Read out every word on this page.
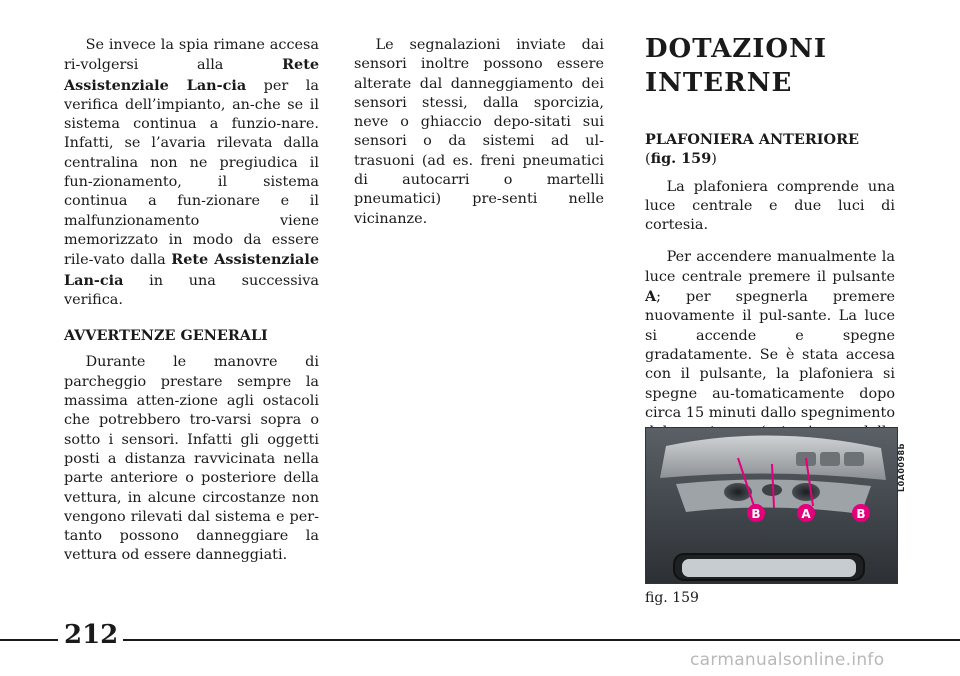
Se invece la spia rimane accesa ri-volgersi alla Rete Assistenziale Lan-cia per la verifica dell’impianto, an-che se il sistema continua a funzio-nare. Infatti, se l’avaria rilevata dalla centralina non ne pregiudica il fun-zionamento, il sistema continua a fun-zionare e il malfunzionamento viene memorizzato in modo da essere rile-vato dalla Rete Assistenziale Lan-cia in una successiva verifica.

AVVERTENZE GENERALI

Durante le manovre di parcheggio prestare sempre la massima atten-zione agli ostacoli che potrebbero tro-varsi sopra o sotto i sensori. Infatti gli oggetti posti a distanza ravvicinata nella parte anteriore o posteriore della vettura, in alcune circostanze non vengono rilevati dal sistema e per-tanto possono danneggiare la vettura od essere danneggiati.

Le segnalazioni inviate dai sensori inoltre possono essere alterate dal danneggiamento dei sensori stessi, dalla sporcizia, neve o ghiaccio depo-sitati sui sensori o da sistemi ad ul-trasuoni (ad es. freni pneumatici di autocarri o martelli pneumatici) pre-senti nelle vicinanze.

DOTAZIONI
INTERNE
PLAFONIERA ANTERIORE
(fig. 159)

La plafoniera comprende una luce centrale e due luci di cortesia.

Per accendere manualmente la luce centrale premere il pulsante A; per spegnerla premere nuovamente il pul-sante. La luce si accende e spegne gradatamente. Se è stata accesa con il pulsante, la plafoniera si spegne au-tomaticamente dopo circa 15 minuti dallo spegnimento

B	A	B
L0A0098b
fig. 159
212
carmanualsonline.info
